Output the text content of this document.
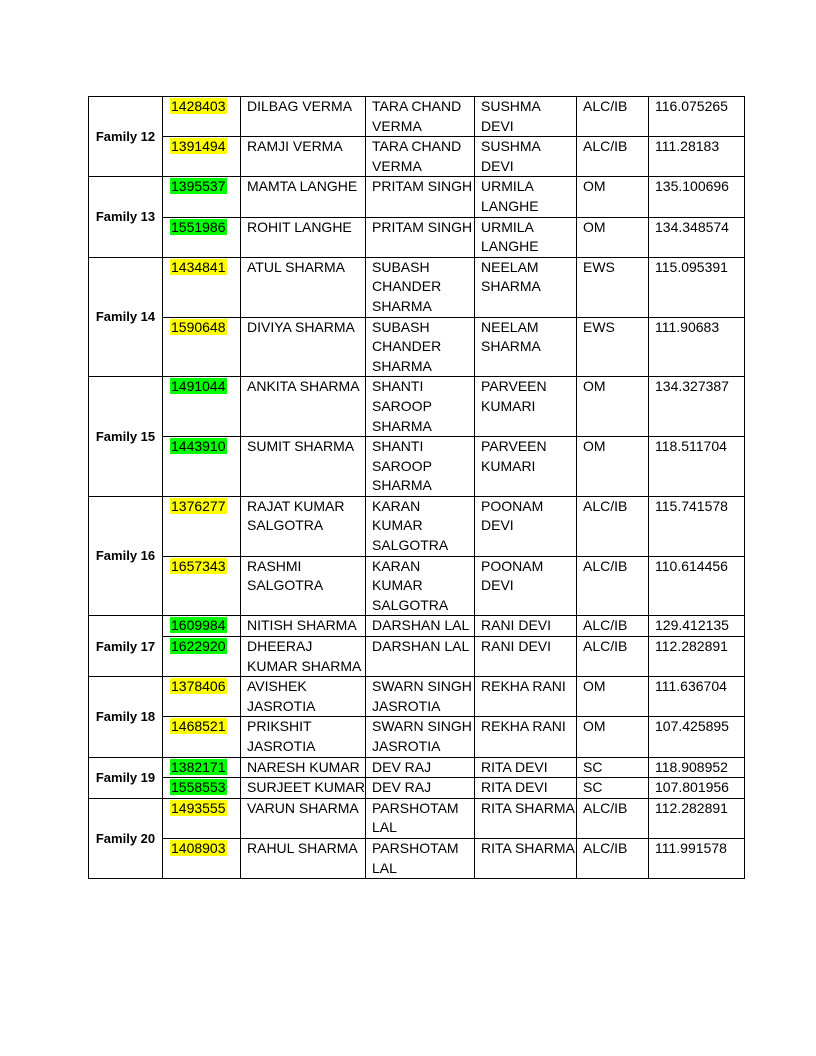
Family 12	1428403	DILBAG VERMA	TARA CHAND VERMA	SUSHMA DEVI	ALC/IB	116.075265
	1391494	RAMJI VERMA	TARA CHAND VERMA	SUSHMA DEVI	ALC/IB	111.28183
Family 13	1395537	MAMTA LANGHE	PRITAM SINGH	URMILA LANGHE	OM	135.100696
	1551986	ROHIT LANGHE	PRITAM SINGH	URMILA LANGHE	OM	134.348574
Family 14	1434841	ATUL SHARMA	SUBASH CHANDER SHARMA	NEELAM SHARMA	EWS	115.095391
	1590648	DIVIYA SHARMA	SUBASH CHANDER SHARMA	NEELAM SHARMA	EWS	111.90683
Family 15	1491044	ANKITA SHARMA	SHANTI SAROOP SHARMA	PARVEEN KUMARI	OM	134.327387
	1443910	SUMIT SHARMA	SHANTI SAROOP SHARMA	PARVEEN KUMARI	OM	118.511704
Family 16	1376277	RAJAT KUMAR SALGOTRA	KARAN KUMAR SALGOTRA	POONAM DEVI	ALC/IB	115.741578
	1657343	RASHMI SALGOTRA	KARAN KUMAR SALGOTRA	POONAM DEVI	ALC/IB	110.614456
Family 17	1609984	NITISH SHARMA	DARSHAN LAL	RANI DEVI	ALC/IB	129.412135
	1622920	DHEERAJ KUMAR SHARMA	DARSHAN LAL	RANI DEVI	ALC/IB	112.282891
Family 18	1378406	AVISHEK JASROTIA	SWARN SINGH JASROTIA	REKHA RANI	OM	111.636704
	1468521	PRIKSHIT JASROTIA	SWARN SINGH JASROTIA	REKHA RANI	OM	107.425895
Family 19	1382171	NARESH KUMAR	DEV RAJ	RITA DEVI	SC	118.908952
	1558553	SURJEET KUMAR	DEV RAJ	RITA DEVI	SC	107.801956
Family 20	1493555	VARUN SHARMA	PARSHOTAM LAL	RITA SHARMA	ALC/IB	112.282891
	1408903	RAHUL SHARMA	PARSHOTAM LAL	RITA SHARMA	ALC/IB	111.991578
